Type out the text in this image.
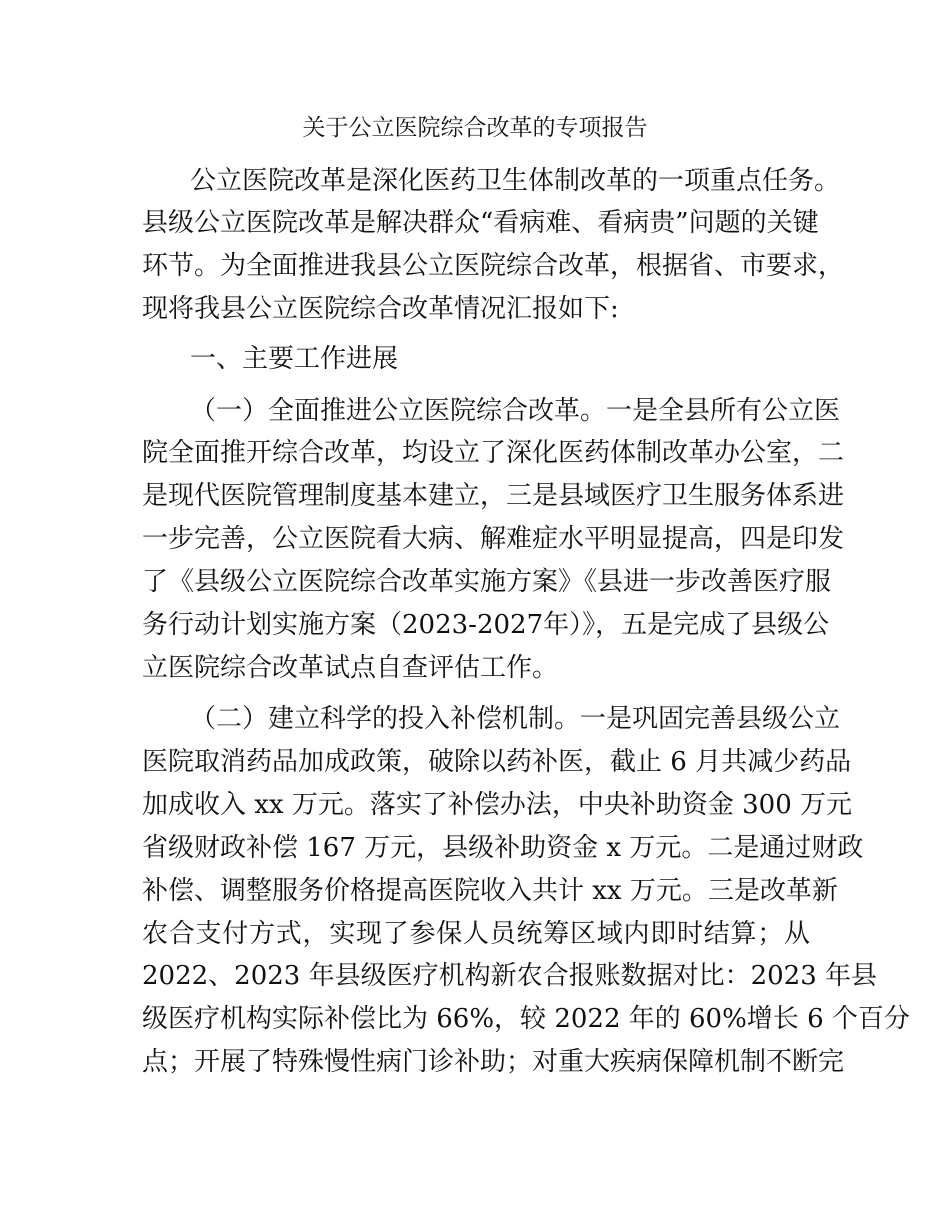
关于公立医院综合改革的专项报告
公立医院改革是深化医药卫生体制改革的一项重点任务。
县级公立医院改革是解决群众“看病难、看病贵”问题的关键
环节。为全面推进我县公立医院综合改革，根据省、市要求，
现将我县公立医院综合改革情况汇报如下:
一、主要工作进展
（一）全面推进公立医院综合改革。一是全县所有公立医
院全面推开综合改革，均设立了深化医药体制改革办公室，二
是现代医院管理制度基本建立，三是县域医疗卫生服务体系进
一步完善，公立医院看大病、解难症水平明显提高，四是印发
了《县级公立医院综合改革实施方案》《县进一步改善医疗服
务行动计划实施方案（2023-2027年）》，五是完成了县级公
立医院综合改革试点自查评估工作。
（二）建立科学的投入补偿机制。一是巩固完善县级公立
医院取消药品加成政策，破除以药补医，截止 6 月共减少药品
加成收入 xx 万元。落实了补偿办法，中央补助资金 300 万元
省级财政补偿 167 万元，县级补助资金 x 万元。二是通过财政
补偿、调整服务价格提高医院收入共计 xx 万元。三是改革新
农合支付方式，实现了参保人员统筹区域内即时结算；从
2022、2023 年县级医疗机构新农合报账数据对比：2023 年县
级医疗机构实际补偿比为 66%，较 2022 年的 60%增长 6 个百分
点；开展了特殊慢性病门诊补助；对重大疾病保障机制不断完
